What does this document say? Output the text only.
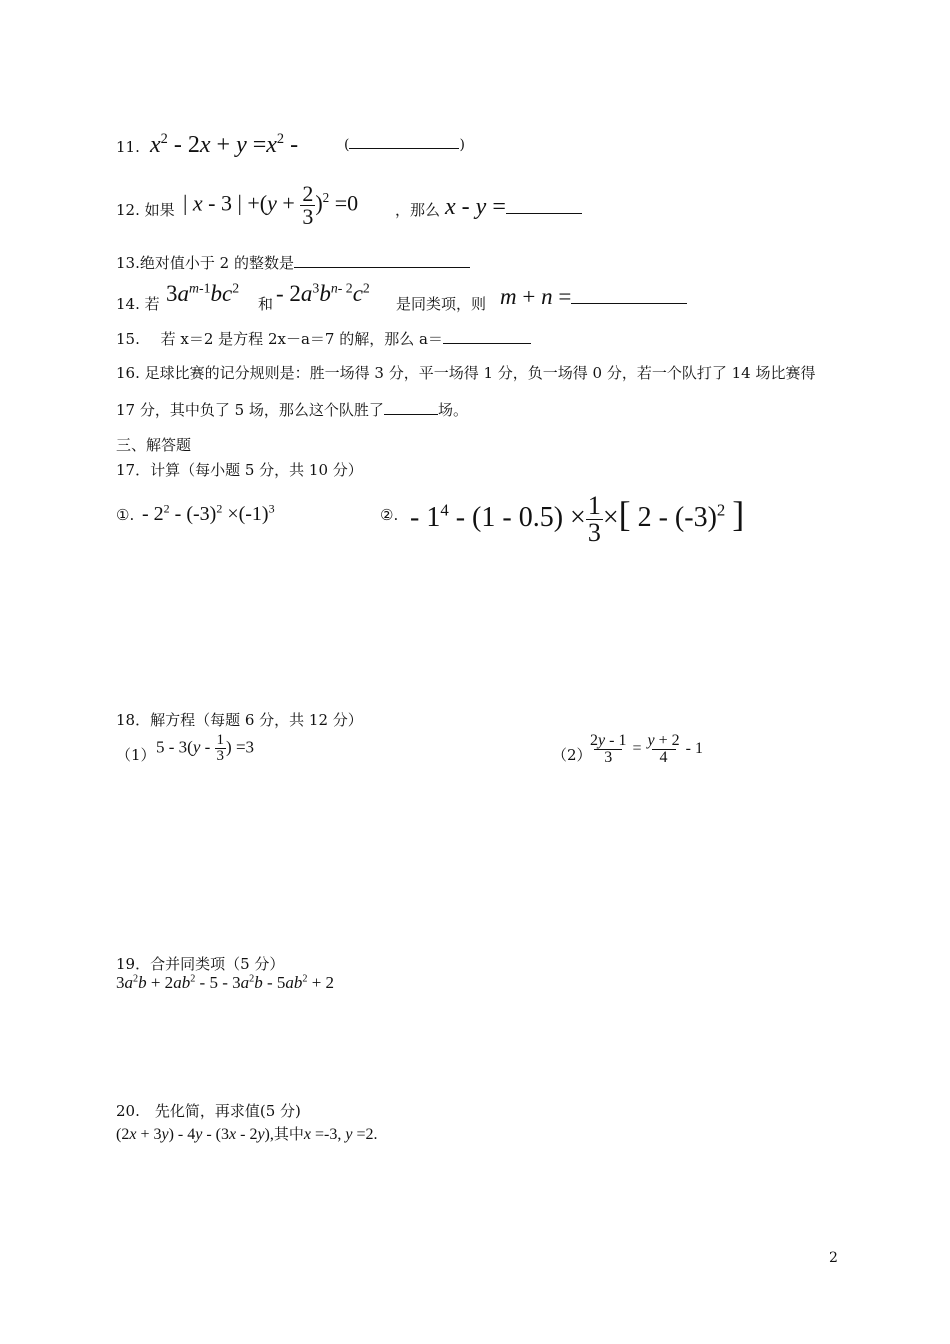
11. $x^2 - 2x + y =x^2$ -	(	)
12. 如果 | x - 3 | $+(y + \frac{2}{3} )^2 =0$ ，那么 x - y =
13.绝对值小于 2 的整数是
14. 若 $3a^{m-1}bc^2$
和 - $2a^3b^{n- 2}c^2$
是同类项，则 m + n =
15. 若 x＝2 是方程 2x－a＝7 的解，那么 a＝
16. 足球比赛的记分规则是：胜一场得 3 分，平一场得 1 分，负一场得 0 分，若一个队打了 14 场比赛得
17 分，其中负了 5 场，那么这个队胜了	场。
三、解答题
17．计算（每小题 5 分，共 10 分）
①. - $2^2 - (-3)^2 \times(-1)^3$	②. - $1^4 - (1 - 0.5) \times \frac{1}{3}$ ×[ $2 - (-3)^2$ ]
18．解方程（每题 6 分，共 12 分）
（1） $5 - 3(y - \frac{1}{3}$ ) =3	（2）
$\frac{2y - 1}{3} = \frac{y + 2}{4} - 1$
19．合并同类项（5 分）
$3a^2b + 2ab^2 - 5 - 3a^2b - 5ab^2 + 2$
20.　先化简，再求值(5 分)
(2x + 3y) - 4y - (3x - 2y),其中x =-3, y =2.
2
